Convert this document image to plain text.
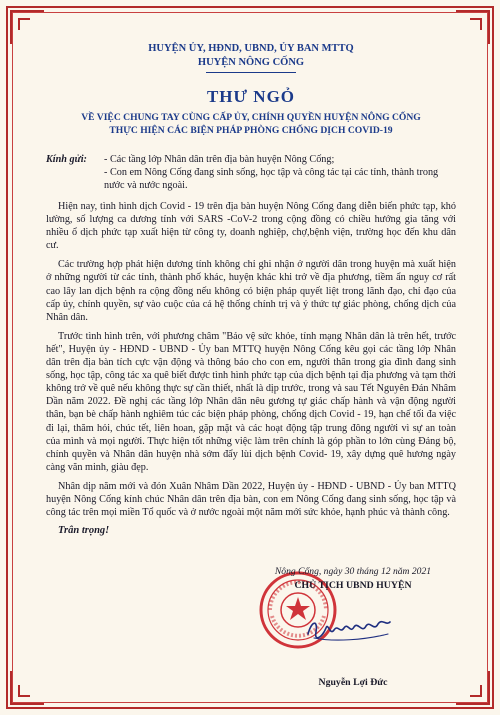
HUYỆN ỦY, HĐND, UBND, ỦY BAN MTTQ
HUYỆN NÔNG CỐNG
THƯ NGỎ
VỀ VIỆC CHUNG TAY CÙNG CẤP ỦY, CHÍNH QUYỀN HUYỆN NÔNG CỐNG
THỰC HIỆN CÁC BIỆN PHÁP PHÒNG CHỐNG DỊCH COVID-19
Kính gửi:	- Các tầng lớp Nhân dân trên địa bàn huyện Nông Cống;
- Con em Nông Cống đang sinh sống, học tập và công tác tại các tỉnh, thành trong nước và nước ngoài.

Hiện nay, tình hình dịch Covid - 19 trên địa bàn huyện Nông Cống đang diễn biến phức tạp, khó lường, số lượng ca dương tính với SARS -CoV-2 trong cộng đồng có chiều hướng gia tăng với nhiều ổ dịch phức tạp xuất hiện từ công ty, doanh nghiệp, chợ,bệnh viện, trường học đến khu dân cư.

Các trường hợp phát hiện dương tính không chỉ ghi nhận ở người dân trong huyện mà xuất hiện ở những người từ các tỉnh, thành phố khác, huyện khác khi trở về địa phương, tiềm ẩn nguy cơ rất cao lây lan dịch bệnh ra cộng đồng nếu không có biện pháp quyết liệt trong lãnh đạo, chỉ đạo của cấp ủy, chính quyền, sự vào cuộc của cả hệ thống chính trị và ý thức tự giác phòng, chống dịch của Nhân dân.

Trước tình hình trên, với phương châm "Bảo vệ sức khỏe, tính mạng Nhân dân là trên hết, trước hết", Huyện ủy - HĐND - UBND - Ủy ban MTTQ huyện Nông Cống kêu gọi các tầng lớp Nhân dân trên địa bàn tích cực vận động và thông báo cho con em, người thân trong gia đình đang sinh sống, học tập, công tác xa quê biết được tình hình phức tạp của dịch bệnh tại địa phương và tạm thời không trở về quê nếu không thực sự cần thiết, nhất là dịp trước, trong và sau Tết Nguyên Đán Nhâm Dần năm 2022. Đề nghị các tầng lớp Nhân dân nêu gương tự giác chấp hành và vận động người thân, bạn bè chấp hành nghiêm túc các biện pháp phòng, chống dịch Covid - 19, hạn chế tối đa việc đi lại, thăm hỏi, chúc tết, liên hoan, gặp mặt và các hoạt động tập trung đông người vì sự an toàn của mình và mọi người. Thực hiện tốt những việc làm trên chính là góp phần to lớn cùng Đảng bộ, chính quyền và Nhân dân huyện nhà sớm đẩy lùi dịch bệnh Covid- 19, xây dựng quê hương ngày càng văn minh, giàu đẹp.

Nhân dịp năm mới và đón Xuân Nhâm Dần 2022, Huyện ủy - HĐND - UBND - Ủy ban MTTQ huyện Nông Cống kính chúc Nhân dân trên địa bàn, con em Nông Cống đang sinh sống, học tập và công tác trên mọi miền Tổ quốc và ở nước ngoài một năm mới sức khỏe, hạnh phúc và thành công.

Trân trọng!
Nông Cống, ngày 30 tháng 12 năm 2021
CHỦ TỊCH UBND HUYỆN
Nguyễn Lợi Đức
